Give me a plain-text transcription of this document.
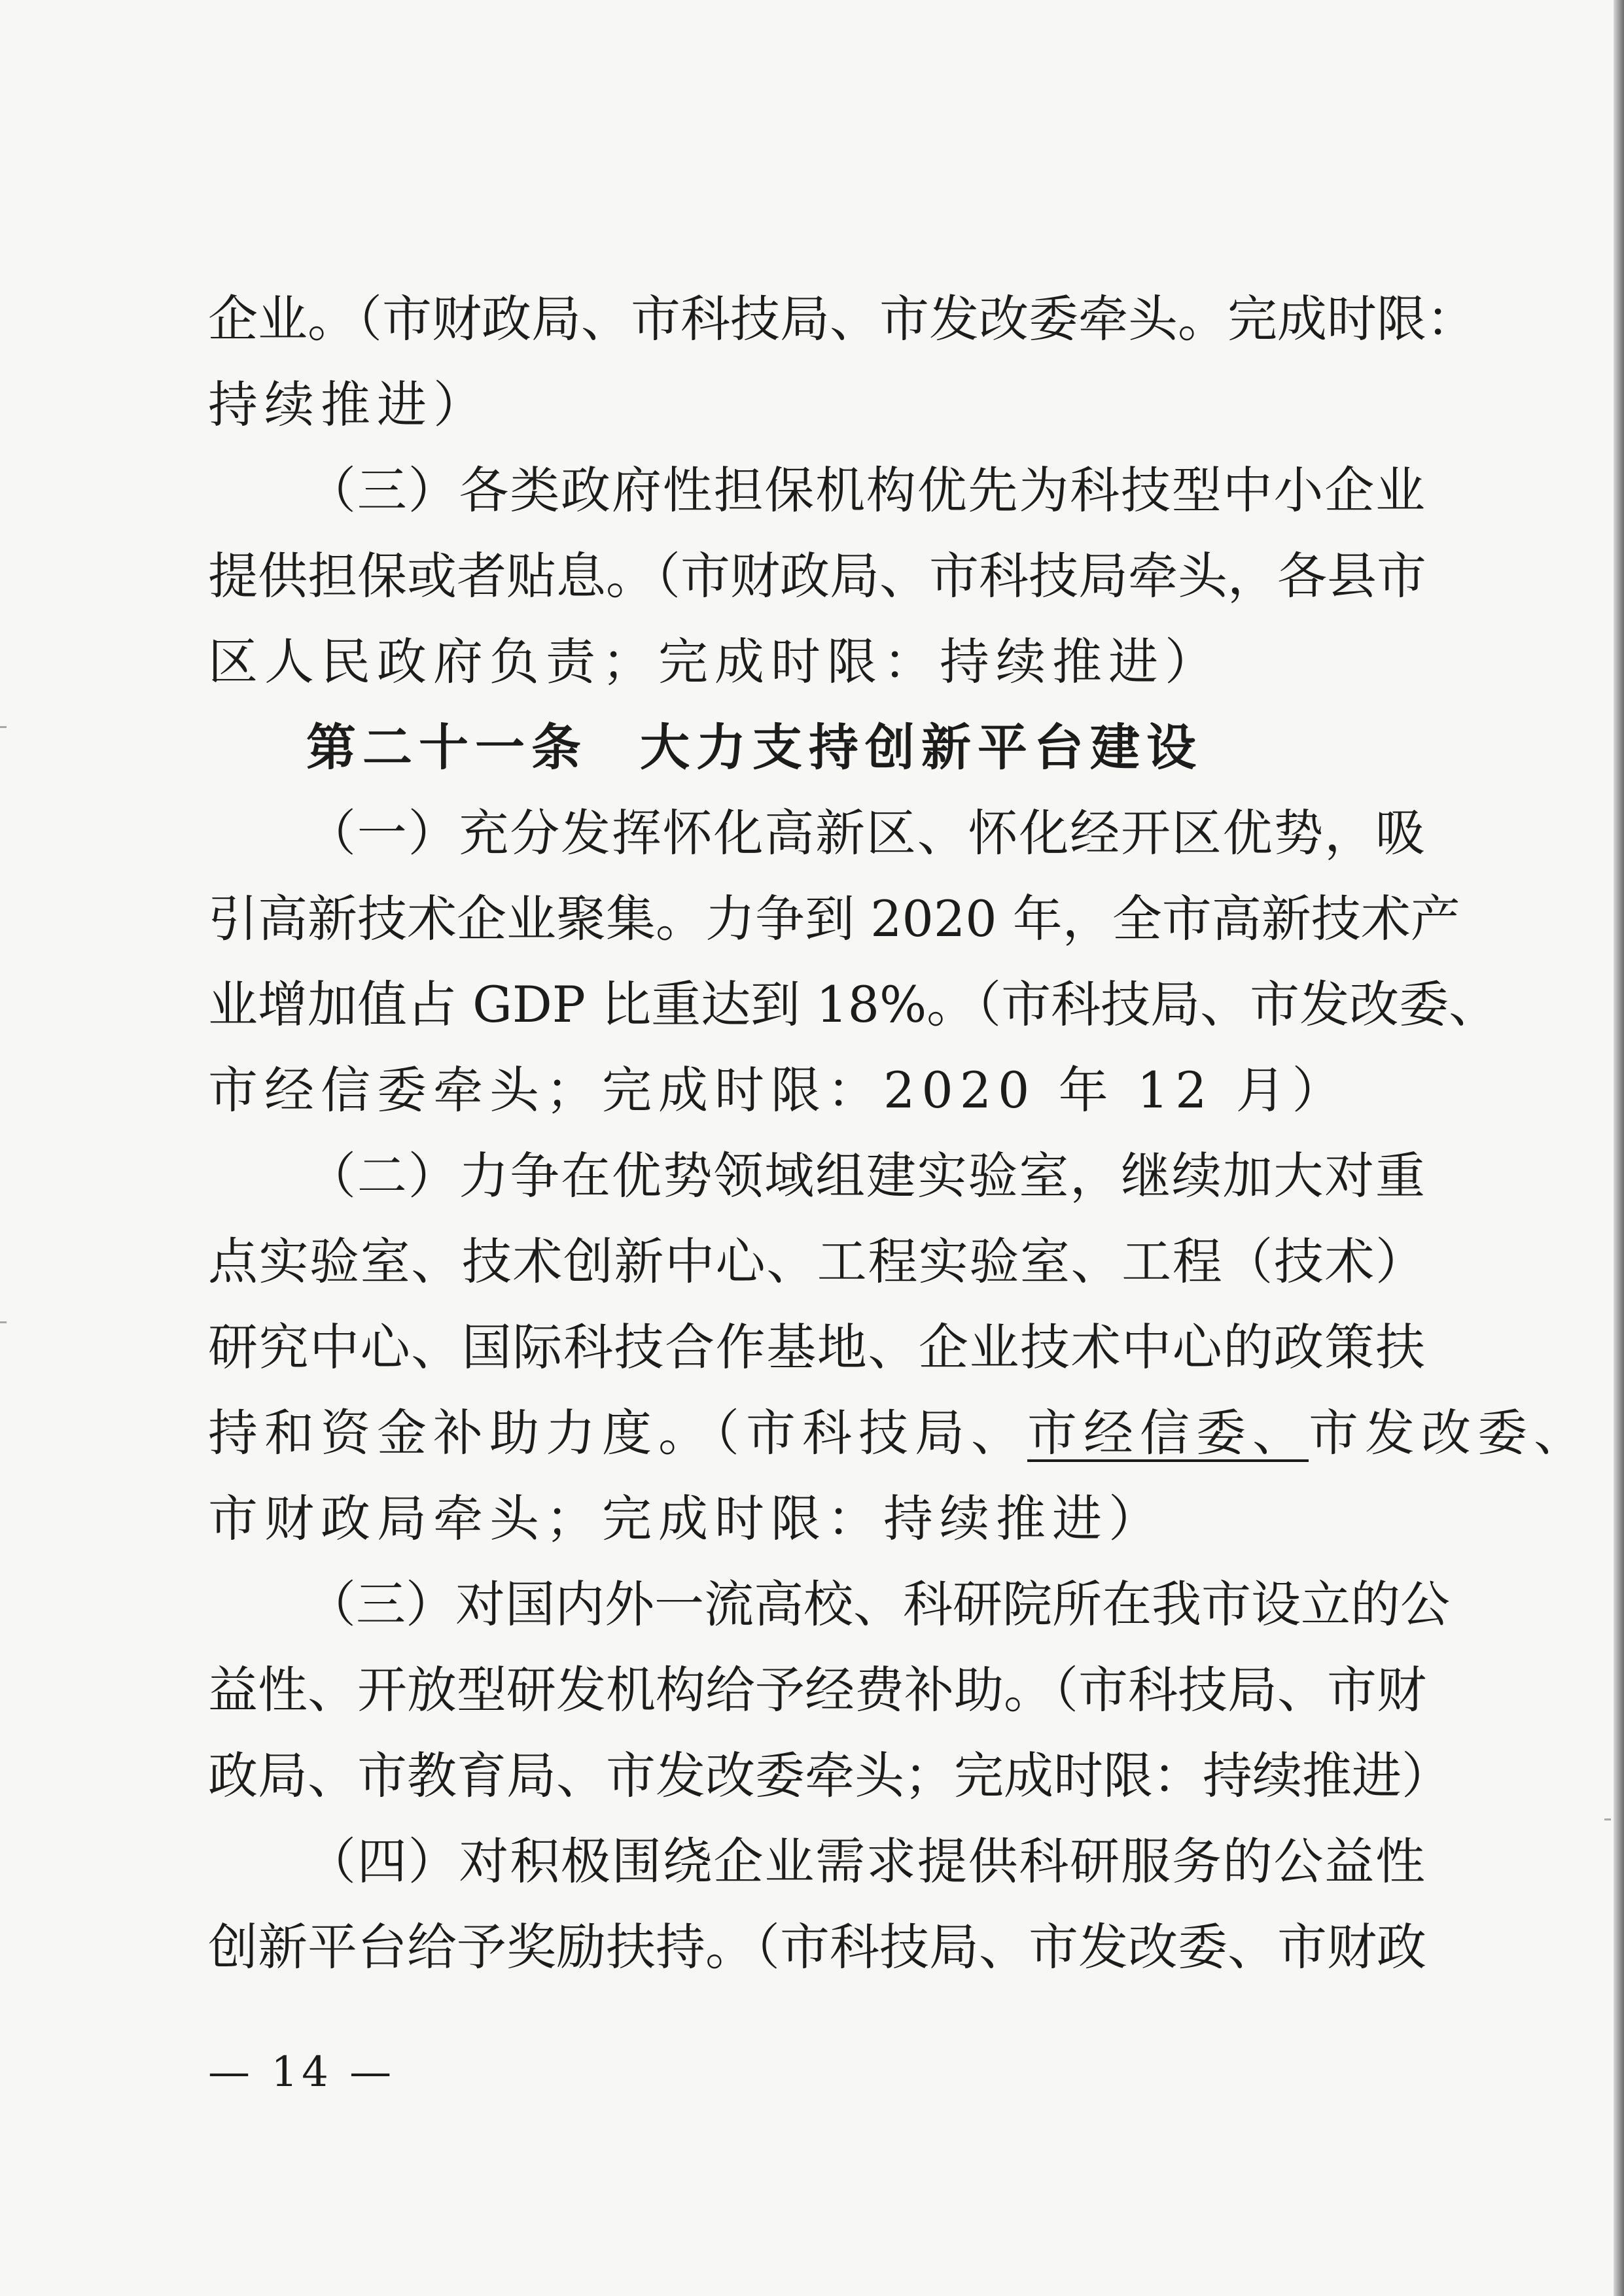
企业。（市财政局、市科技局、市发改委牵头。完成时限：
持续推进）
（三）各类政府性担保机构优先为科技型中小企业
提供担保或者贴息。（市财政局、市科技局牵头，各县市
区人民政府负责；完成时限：持续推进）
第二十一条 大力支持创新平台建设
（一）充分发挥怀化高新区、怀化经开区优势，吸
引高新技术企业聚集。力争到 2020 年，全市高新技术产
业增加值占 GDP 比重达到 18%。（市科技局、市发改委、
市经信委牵头；完成时限：2020 年 12 月）
（二）力争在优势领域组建实验室，继续加大对重
点实验室、技术创新中心、工程实验室、工程（技术）
研究中心、国际科技合作基地、企业技术中心的政策扶
持和资金补助力度。（市科技局、市经信委、市发改委、
市财政局牵头；完成时限：持续推进）
（三）对国内外一流高校、科研院所在我市设立的公
益性、开放型研发机构给予经费补助。（市科技局、市财
政局、市教育局、市发改委牵头；完成时限：持续推进）
（四）对积极围绕企业需求提供科研服务的公益性
创新平台给予奖励扶持。（市科技局、市发改委、市财政
— 14 —
